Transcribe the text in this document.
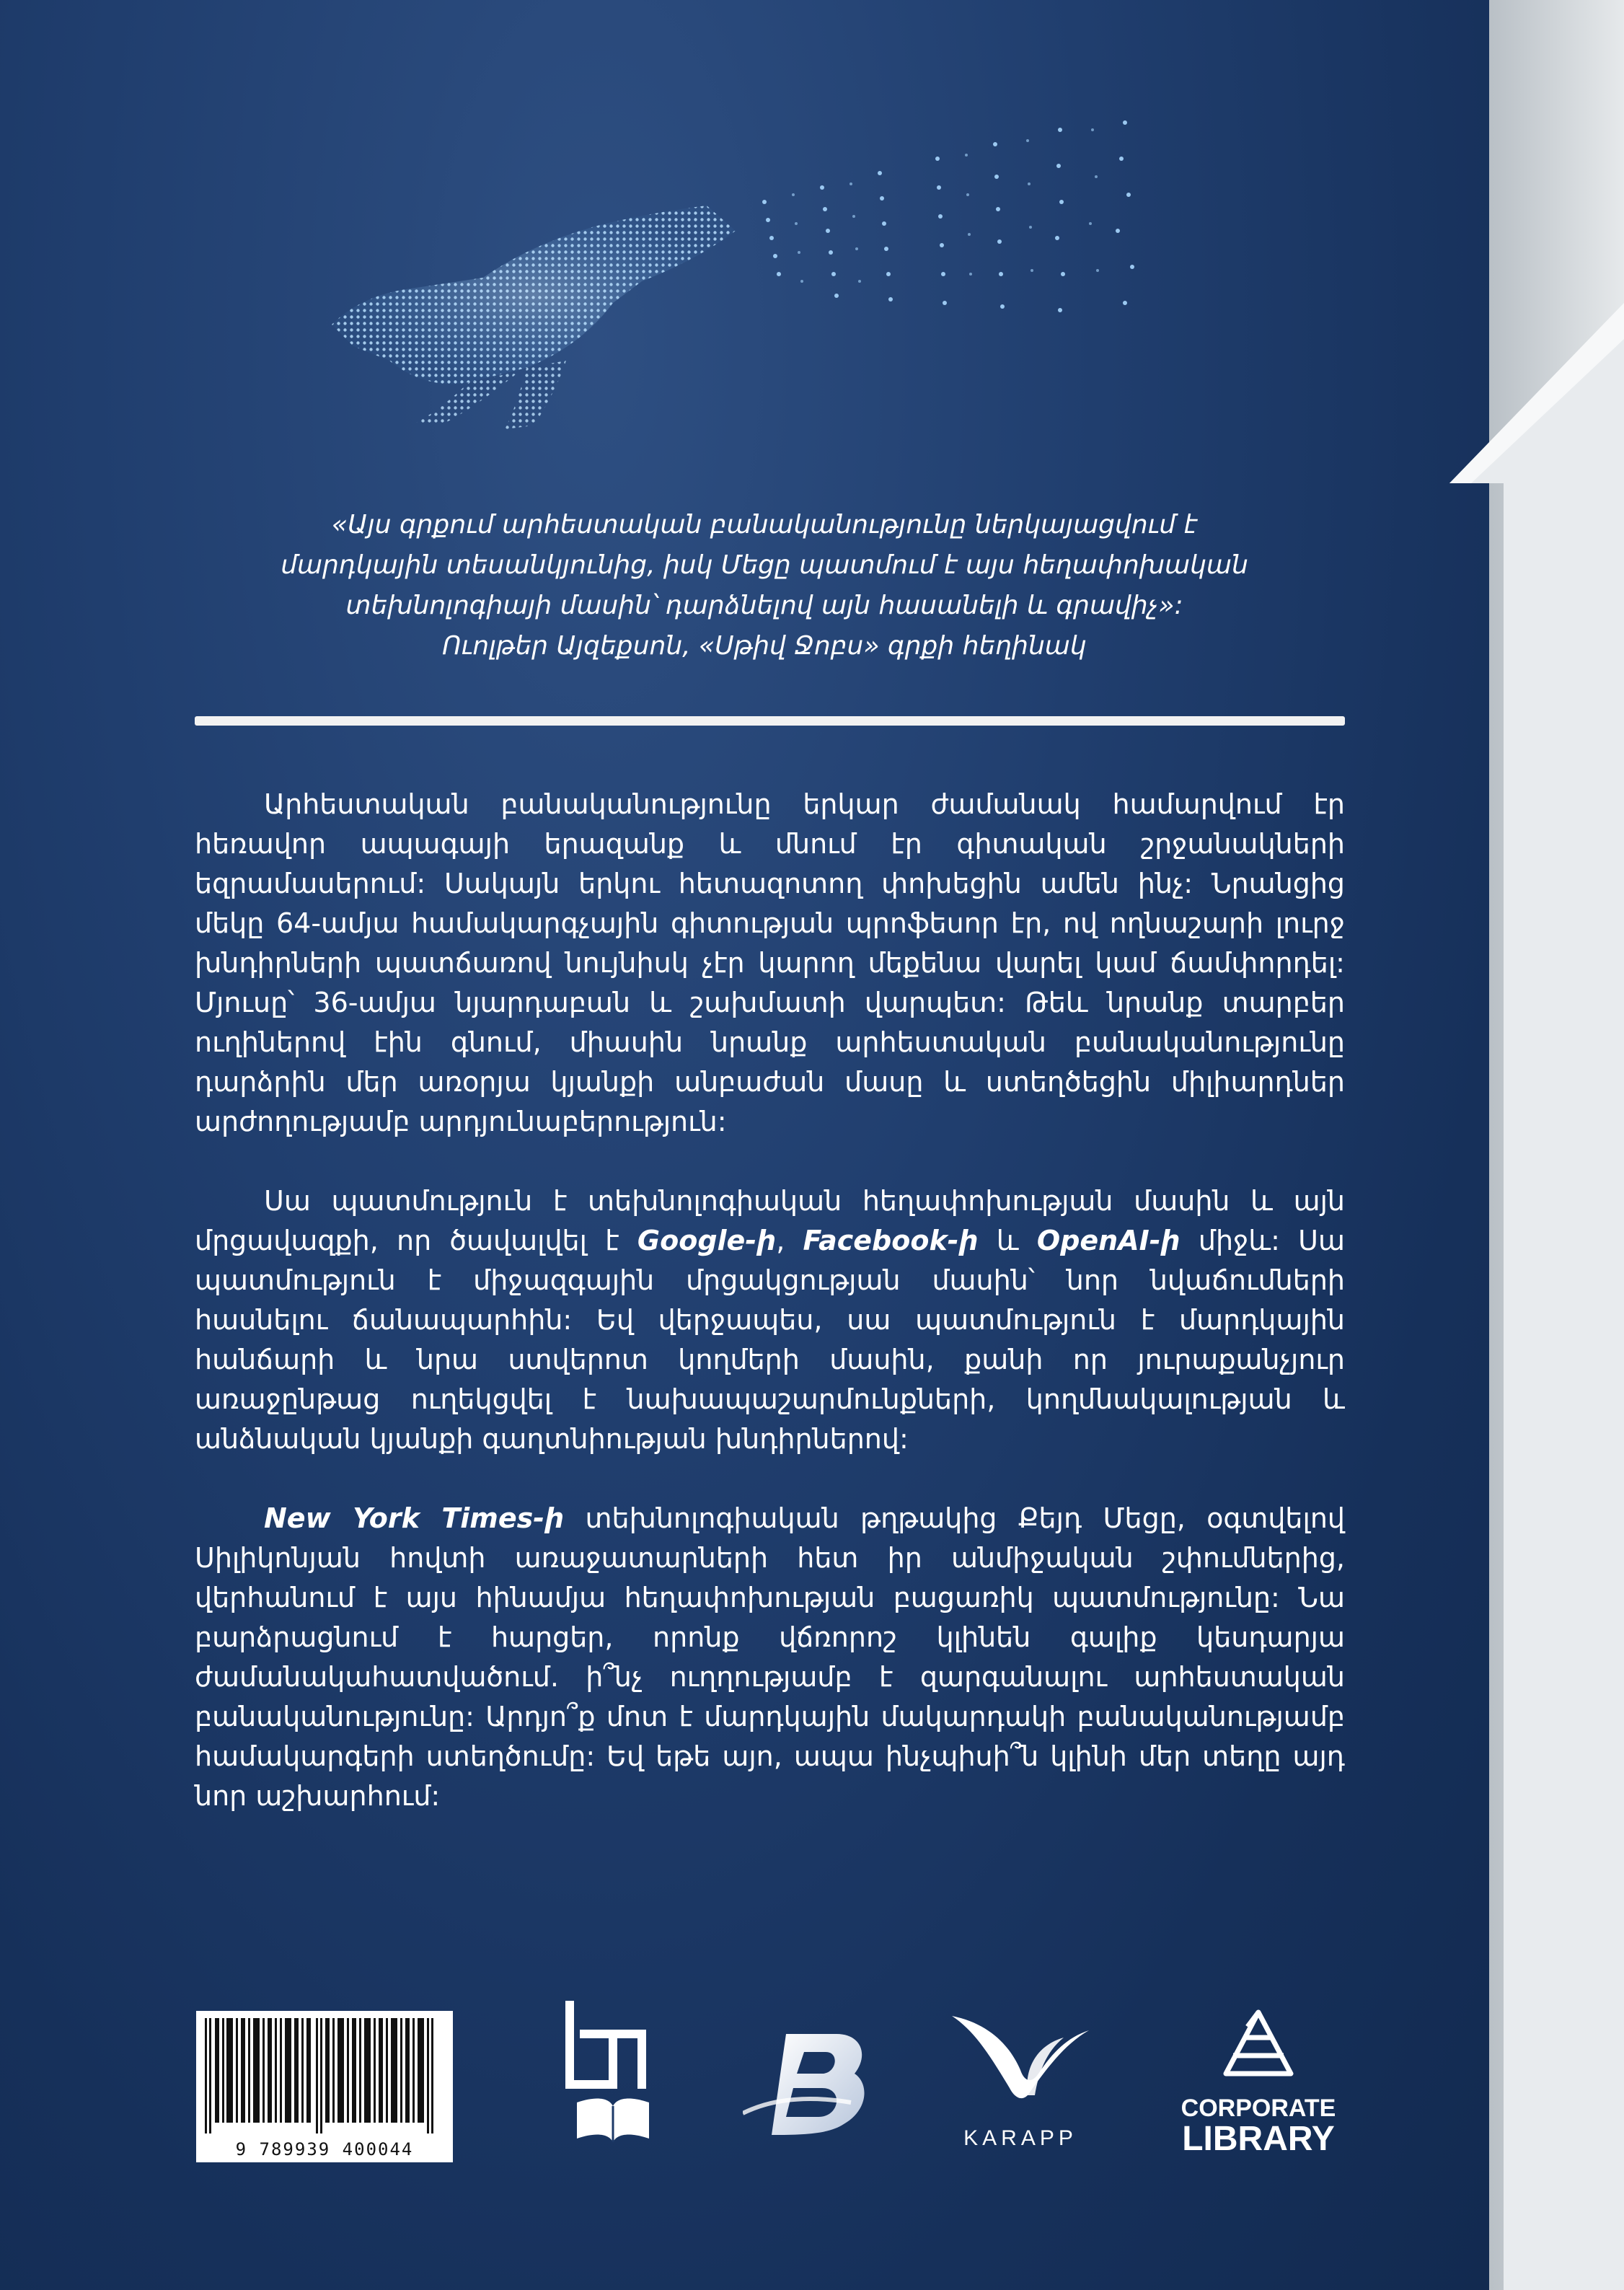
«Այս գրքում արհեստական բանականությունը ներկայացվում է

մարդկային տեսանկյունից, իսկ Մեցը պատմում է այս հեղափոխական

տեխնոլոգիայի մասին՝ դարձնելով այն հասանելի և գրավիչ»:

Ուոլթեր Այզեքսոն, «Սթիվ Ջոբս» գրքի հեղինակ

Արհեստական բանականությունը երկար ժամանակ համարվում էր հեռավոր ապագայի երազանք և մնում էր գիտական շրջանակների եզրամասերում: Սակայն երկու հետազոտող փոխեցին ամեն ինչ: Նրանցից մեկը 64-ամյա համակարգչային գիտության պրոֆեսոր էր, ով ողնաշարի լուրջ խնդիրների պատճառով նույնիսկ չէր կարող մեքենա վարել կամ ճամփորդել: Մյուսը՝ 36-ամյա նյարդաբան և շախմատի վարպետ: Թեև նրանք տարբեր ուղիներով էին գնում, միասին նրանք արհեստական բանականությունը դարձրին մեր առօրյա կյանքի անբաժան մասը և ստեղծեցին միլիարդներ արժողությամբ արդյունաբերություն:

Սա պատմություն է տեխնոլոգիական հեղափոխության մասին և այն մրցավազքի, որ ծավալվել է Google-ի, Facebook-ի և OpenAI-ի միջև: Սա պատմություն է միջազգային մրցակցության մասին՝ նոր նվաճումների հասնելու ճանապարհին: Եվ վերջապես, սա պատմություն է մարդկային հանճարի և նրա ստվերոտ կողմերի մասին, քանի որ յուրաքանչյուր առաջընթաց ուղեկցվել է նախապաշարմունքների, կողմնակալության և անձնական կյանքի գաղտնիության խնդիրներով:

New York Times-ի տեխնոլոգիական թղթակից Քեյդ Մեցը, օգտվելով Սիլիկոնյան հովտի առաջատարների հետ իր անմիջական շփումներից, վերհանում է այս հինամյա հեղափոխության բացառիկ պատմությունը: Նա բարձրացնում է հարցեր, որոնք վճռորոշ կլինեն գալիք կեսդարյա ժամանակահատվածում. ի՞նչ ուղղությամբ է զարգանալու արհեստական բանականությունը: Արդյո՞ք մոտ է մարդկային մակարդակի բանականությամբ համակարգերի ստեղծումը: Եվ եթե այո, ապա ինչպիսի՞ն կլինի մեր տեղը այդ նոր աշխարհում:

9 789939 400044	KARAPP
CORPORATE
LIBRARY
